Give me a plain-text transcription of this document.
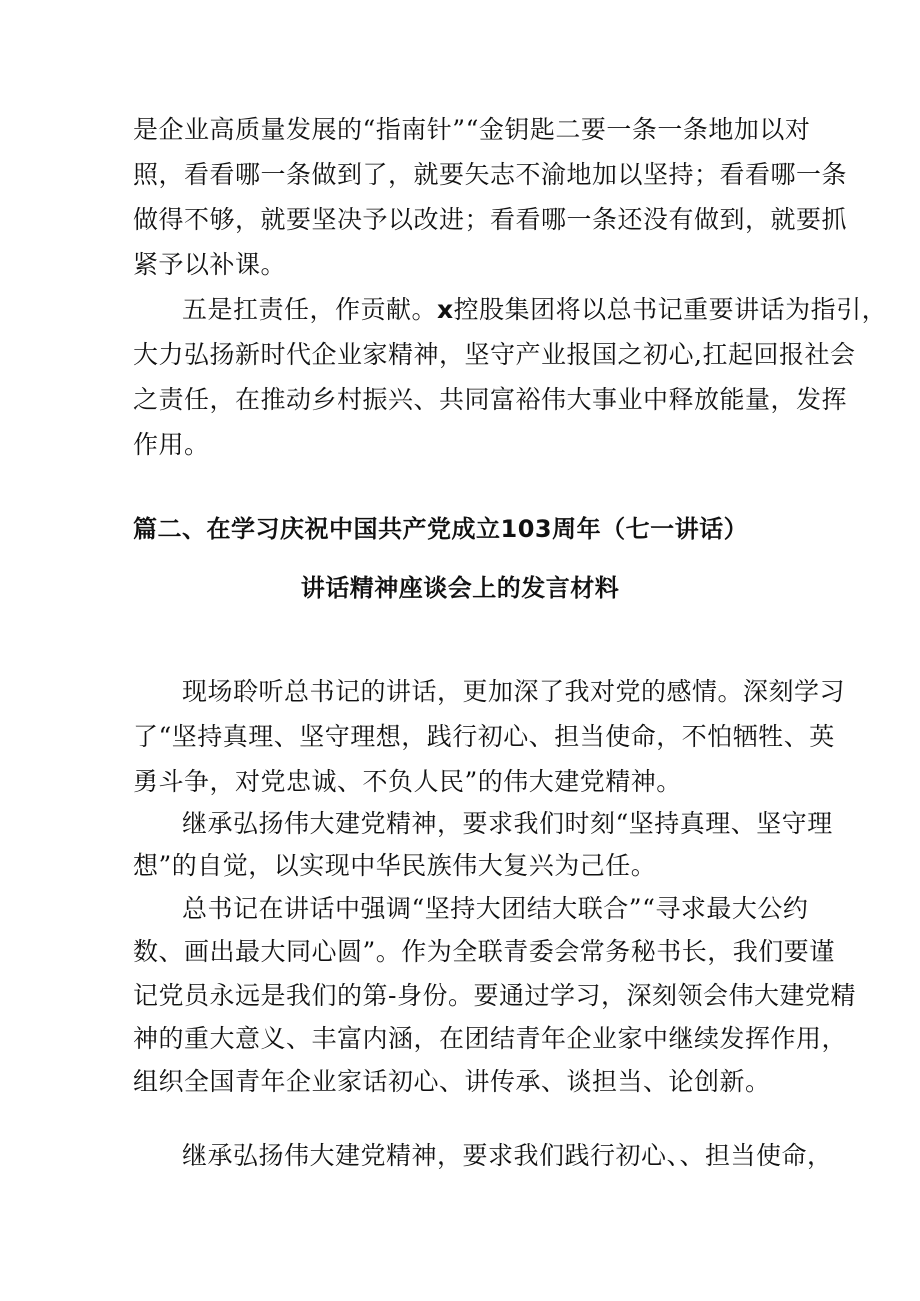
是企业高质量发展的“指南针”“金钥匙二要一条一条地加以对
照，看看哪一条做到了，就要矢志不渝地加以坚持；看看哪一条
做得不够，就要坚决予以改进；看看哪一条还没有做到，就要抓
紧予以补课。
五是扛责任，作贡献。x控股集团将以总书记重要讲话为指引，
大力弘扬新时代企业家精神，坚守产业报国之初心,扛起回报社会
之责任，在推动乡村振兴、共同富裕伟大事业中释放能量，发挥
作用。
篇二、在学习庆祝中国共产党成立103周年（七一讲话）
讲话精神座谈会上的发言材料
现场聆听总书记的讲话，更加深了我对党的感情。深刻学习
了“坚持真理、坚守理想，践行初心、担当使命，不怕牺牲、英
勇斗争，对党忠诚、不负人民”的伟大建党精神。
继承弘扬伟大建党精神，要求我们时刻“坚持真理、坚守理
想”的自觉，以实现中华民族伟大复兴为己任。
总书记在讲话中强调“坚持大团结大联合”“寻求最大公约
数、画出最大同心圆”。作为全联青委会常务秘书长，我们要谨
记党员永远是我们的第-身份。要通过学习，深刻领会伟大建党精
神的重大意义、丰富内涵，在团结青年企业家中继续发挥作用，
组织全国青年企业家话初心、讲传承、谈担当、论创新。
继承弘扬伟大建党精神，要求我们践行初心、、担当使命，
